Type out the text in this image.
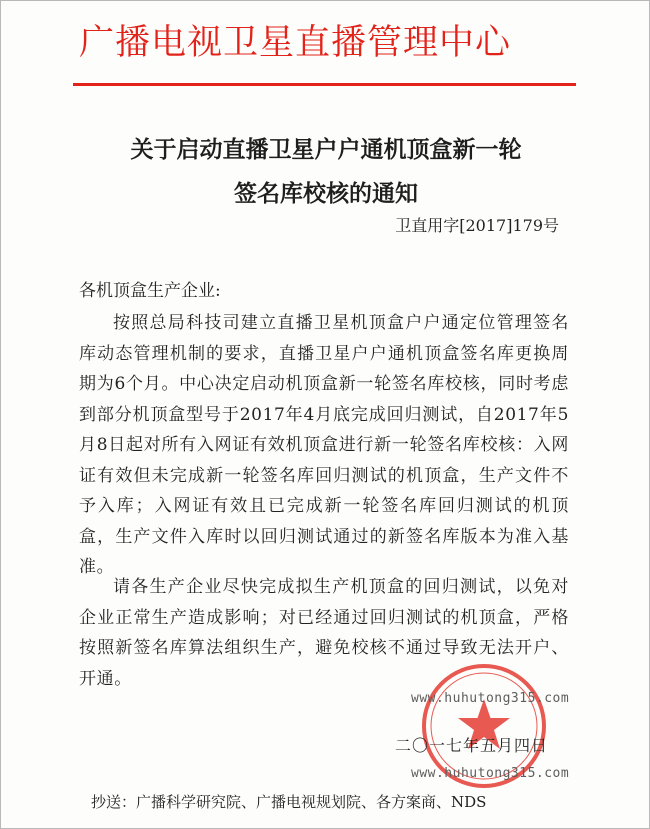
广播电视卫星直播管理中心
关于启动直播卫星户户通机顶盒新一轮
签名库校核的通知
卫直用字[2017]179号
各机顶盒生产企业:
按照总局科技司建立直播卫星机顶盒户户通定位管理签名库动态管理机制的要求，直播卫星户户通机顶盒签名库更换周期为6个月。中心决定启动机顶盒新一轮签名库校核，同时考虑到部分机顶盒型号于2017年4月底完成回归测试，自2017年5月8日起对所有入网证有效机顶盒进行新一轮签名库校核：入网证有效但未完成新一轮签名库回归测试的机顶盒，生产文件不予入库；入网证有效且已完成新一轮签名库回归测试的机顶盒，生产文件入库时以回归测试通过的新签名库版本为准入基准。
请各生产企业尽快完成拟生产机顶盒的回归测试，以免对企业正常生产造成影响；对已经通过回归测试的机顶盒，严格按照新签名库算法组织生产，避免校核不通过导致无法开户、开通。
www.huhutong315.com
二〇一七年五月四日
www.huhutong315.com
抄送：广播科学研究院、广播电视规划院、各方案商、NDS
